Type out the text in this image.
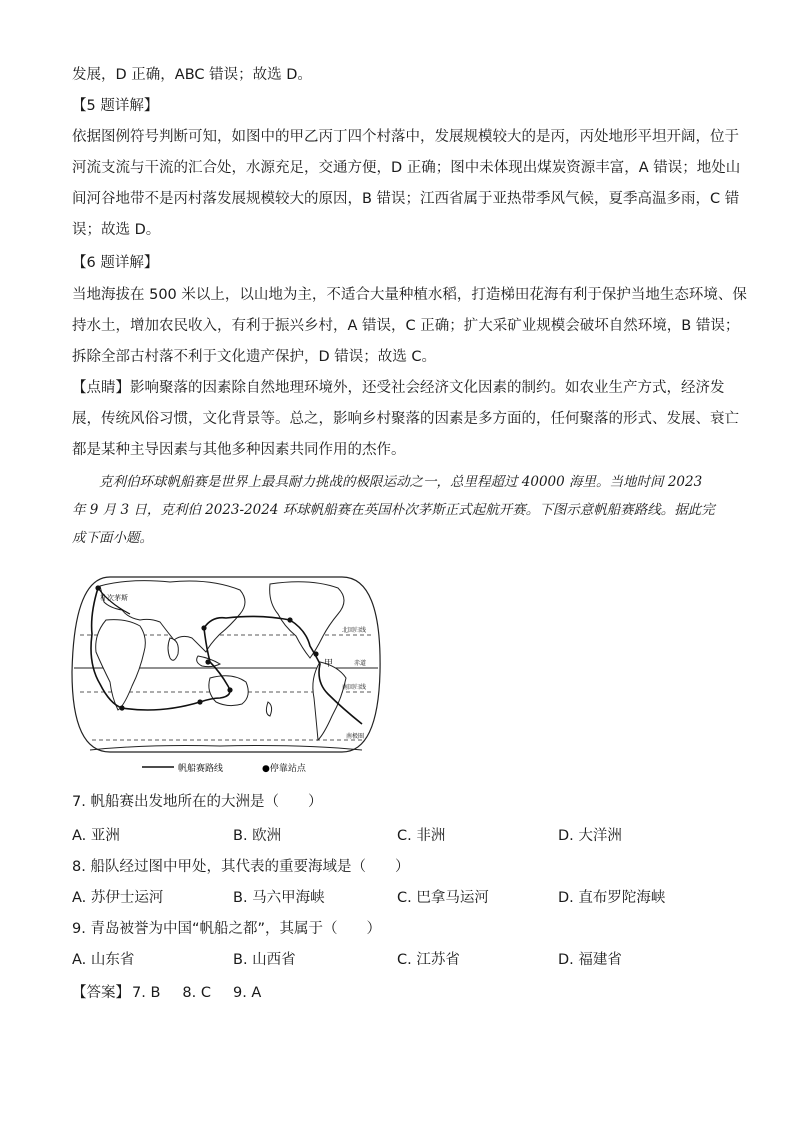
发展，D 正确，ABC 错误；故选 D。
【5 题详解】
依据图例符号判断可知，如图中的甲乙丙丁四个村落中，发展规模较大的是丙，丙处地形平坦开阔，位于
河流支流与干流的汇合处，水源充足，交通方便，D 正确；图中未体现出煤炭资源丰富，A 错误；地处山
间河谷地带不是丙村落发展规模较大的原因，B 错误；江西省属于亚热带季风气候，夏季高温多雨，C 错
误；故选 D。
【6 题详解】
当地海拔在 500 米以上，以山地为主，不适合大量种植水稻，打造梯田花海有利于保护当地生态环境、保
持水土，增加农民收入，有利于振兴乡村，A 错误，C 正确；扩大采矿业规模会破坏自然环境，B 错误；
拆除全部古村落不利于文化遗产保护，D 错误；故选 C。
【点睛】影响聚落的因素除自然地理环境外，还受社会经济文化因素的制约。如农业生产方式，经济发
展，传统风俗习惯，文化背景等。总之，影响乡村聚落的因素是多方面的，任何聚落的形式、发展、衰亡
都是某种主导因素与其他多种因素共同作用的杰作。
　　克利伯环球帆船赛是世界上最具耐力挑战的极限运动之一，总里程超过 40000 海里。当地时间 2023
年 9 月 3 日，克利伯 2023-2024 环球帆船赛在英国朴次茅斯正式起航开赛。下图示意帆船赛路线。据此完
成下面小题。
朴次茅斯
北回归线
甲	赤道
南回归线
南极圈
帆船赛路线	●停靠站点
7. 帆船赛出发地所在的大洲是（　　）
A. 亚洲	B. 欧洲	C. 非洲	D. 大洋洲
8. 船队经过图中甲处，其代表的重要海域是（　　）
A. 苏伊士运河	B. 马六甲海峡	C. 巴拿马运河	D. 直布罗陀海峡
9. 青岛被誉为中国“帆船之都”，其属于（　　）
A. 山东省	B. 山西省	C. 江苏省	D. 福建省
【答案】 7. B 8. C 9. A
